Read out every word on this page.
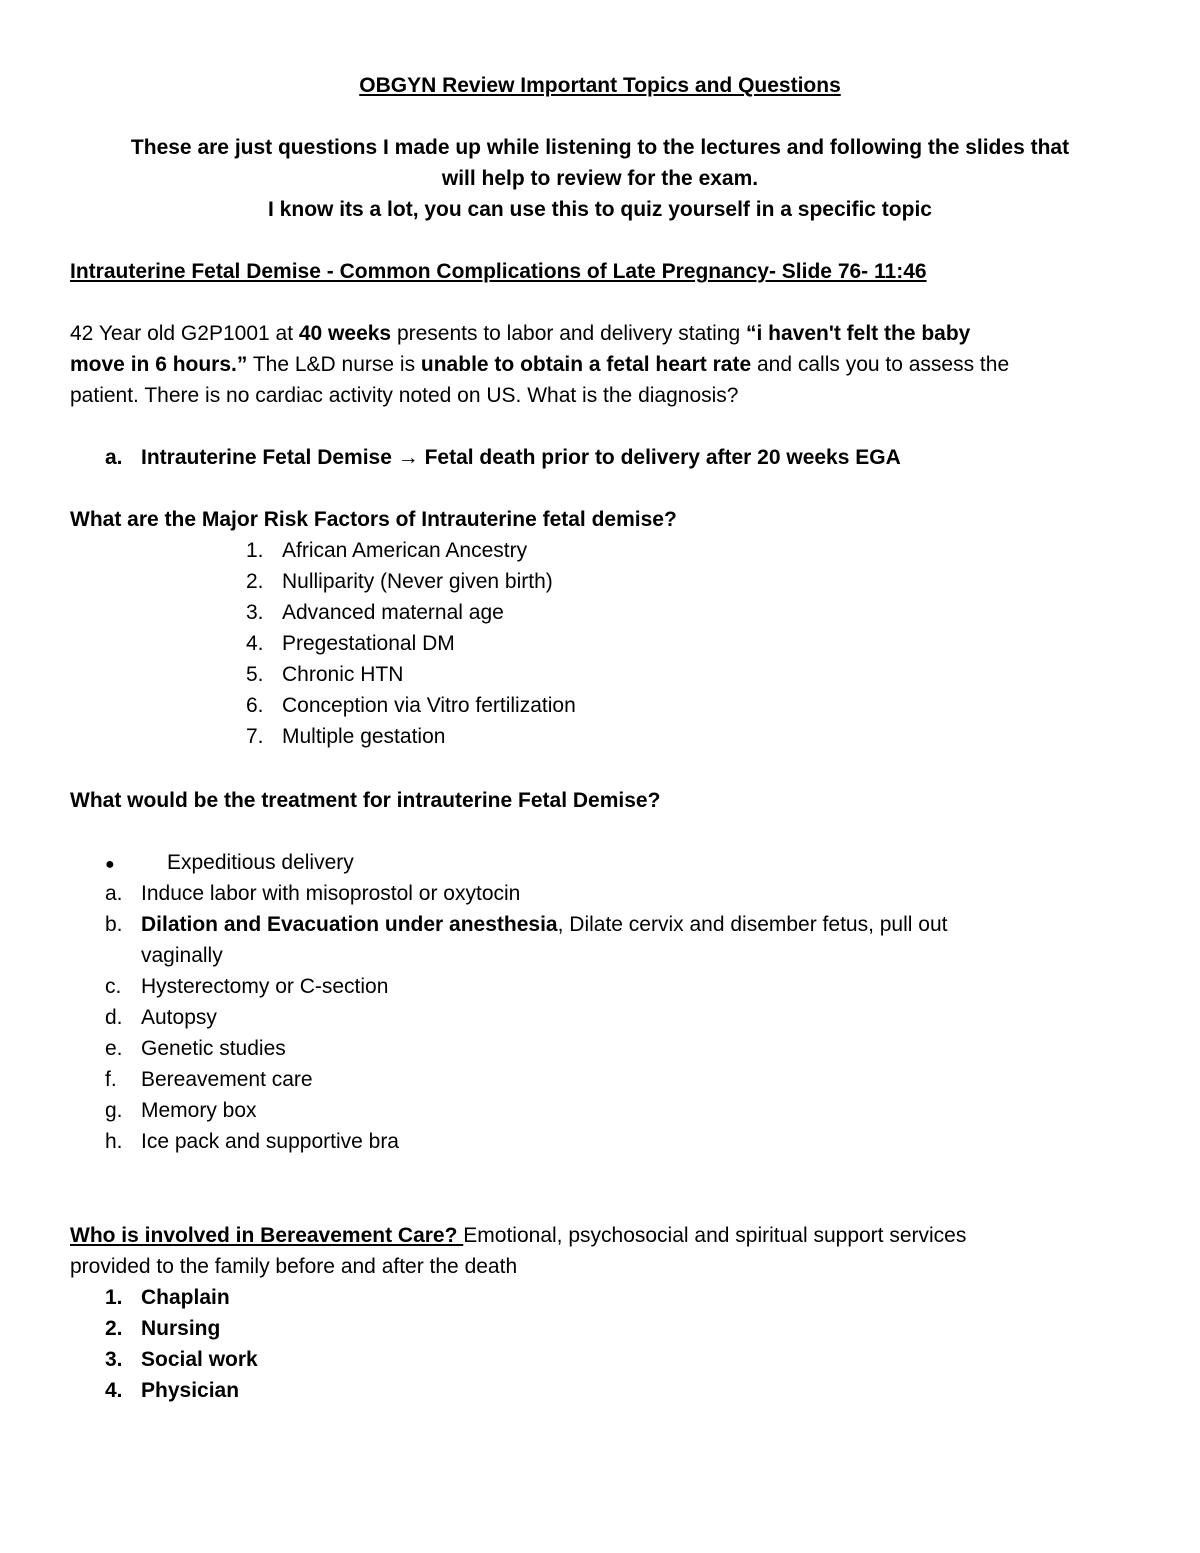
OBGYN Review Important Topics and Questions
These are just questions I made up while listening to the lectures and following the slides that
will help to review for the exam.
I know its a lot, you can use this to quiz yourself in a specific topic
Intrauterine Fetal Demise - Common Complications of Late Pregnancy- Slide 76- 11:46
42 Year old G2P1001 at 40 weeks presents to labor and delivery stating “i haven't felt the baby
move in 6 hours.” The L&D nurse is unable to obtain a fetal heart rate and calls you to assess the
patient. There is no cardiac activity noted on US. What is the diagnosis?
a. Intrauterine Fetal Demise → Fetal death prior to delivery after 20 weeks EGA
What are the Major Risk Factors of Intrauterine fetal demise?
1. African American Ancestry
2. Nulliparity (Never given birth)
3. Advanced maternal age
4. Pregestational DM
5. Chronic HTN
6. Conception via Vitro fertilization
7. Multiple gestation
What would be the treatment for intrauterine Fetal Demise?
● Expeditious delivery
a. Induce labor with misoprostol or oxytocin
b. Dilation and Evacuation under anesthesia, Dilate cervix and disember fetus, pull out
vaginally
c. Hysterectomy or C-section
d. Autopsy
e. Genetic studies
f. Bereavement care
g. Memory box
h. Ice pack and supportive bra
Who is involved in Bereavement Care? Emotional, psychosocial and spiritual support services
provided to the family before and after the death
1. Chaplain
2. Nursing
3. Social work
4. Physician
